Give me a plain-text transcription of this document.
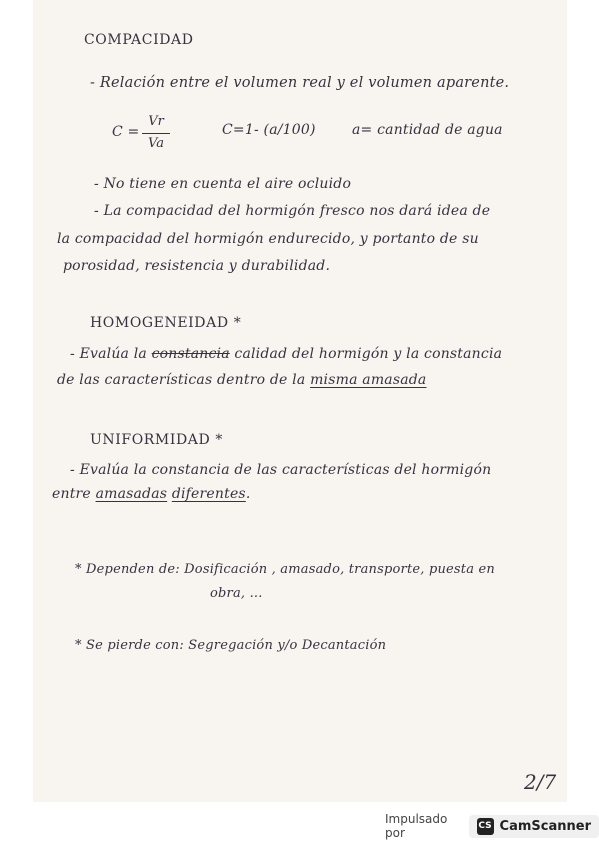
COMPACIDAD
- Relación entre el volumen real y el volumen aparente.
C =
Vr
Va
C=1- (a/100)	a= cantidad de agua
- No tiene en cuenta el aire ocluido
- La compacidad del hormigón fresco nos dará idea de
la compacidad del hormigón endurecido, y portanto de su
porosidad, resistencia y durabilidad.
HOMOGENEIDAD *
- Evalúa la constancia calidad del hormigón y la constancia
de las características dentro de la misma amasada
UNIFORMIDAD *
- Evalúa la constancia de las características del hormigón
entre amasadas diferentes.
* Dependen de: Dosificación , amasado, transporte, puesta en
obra, ...
* Se pierde con: Segregación y/o Decantación
2/7
Impulsado por	CS CamScanner
